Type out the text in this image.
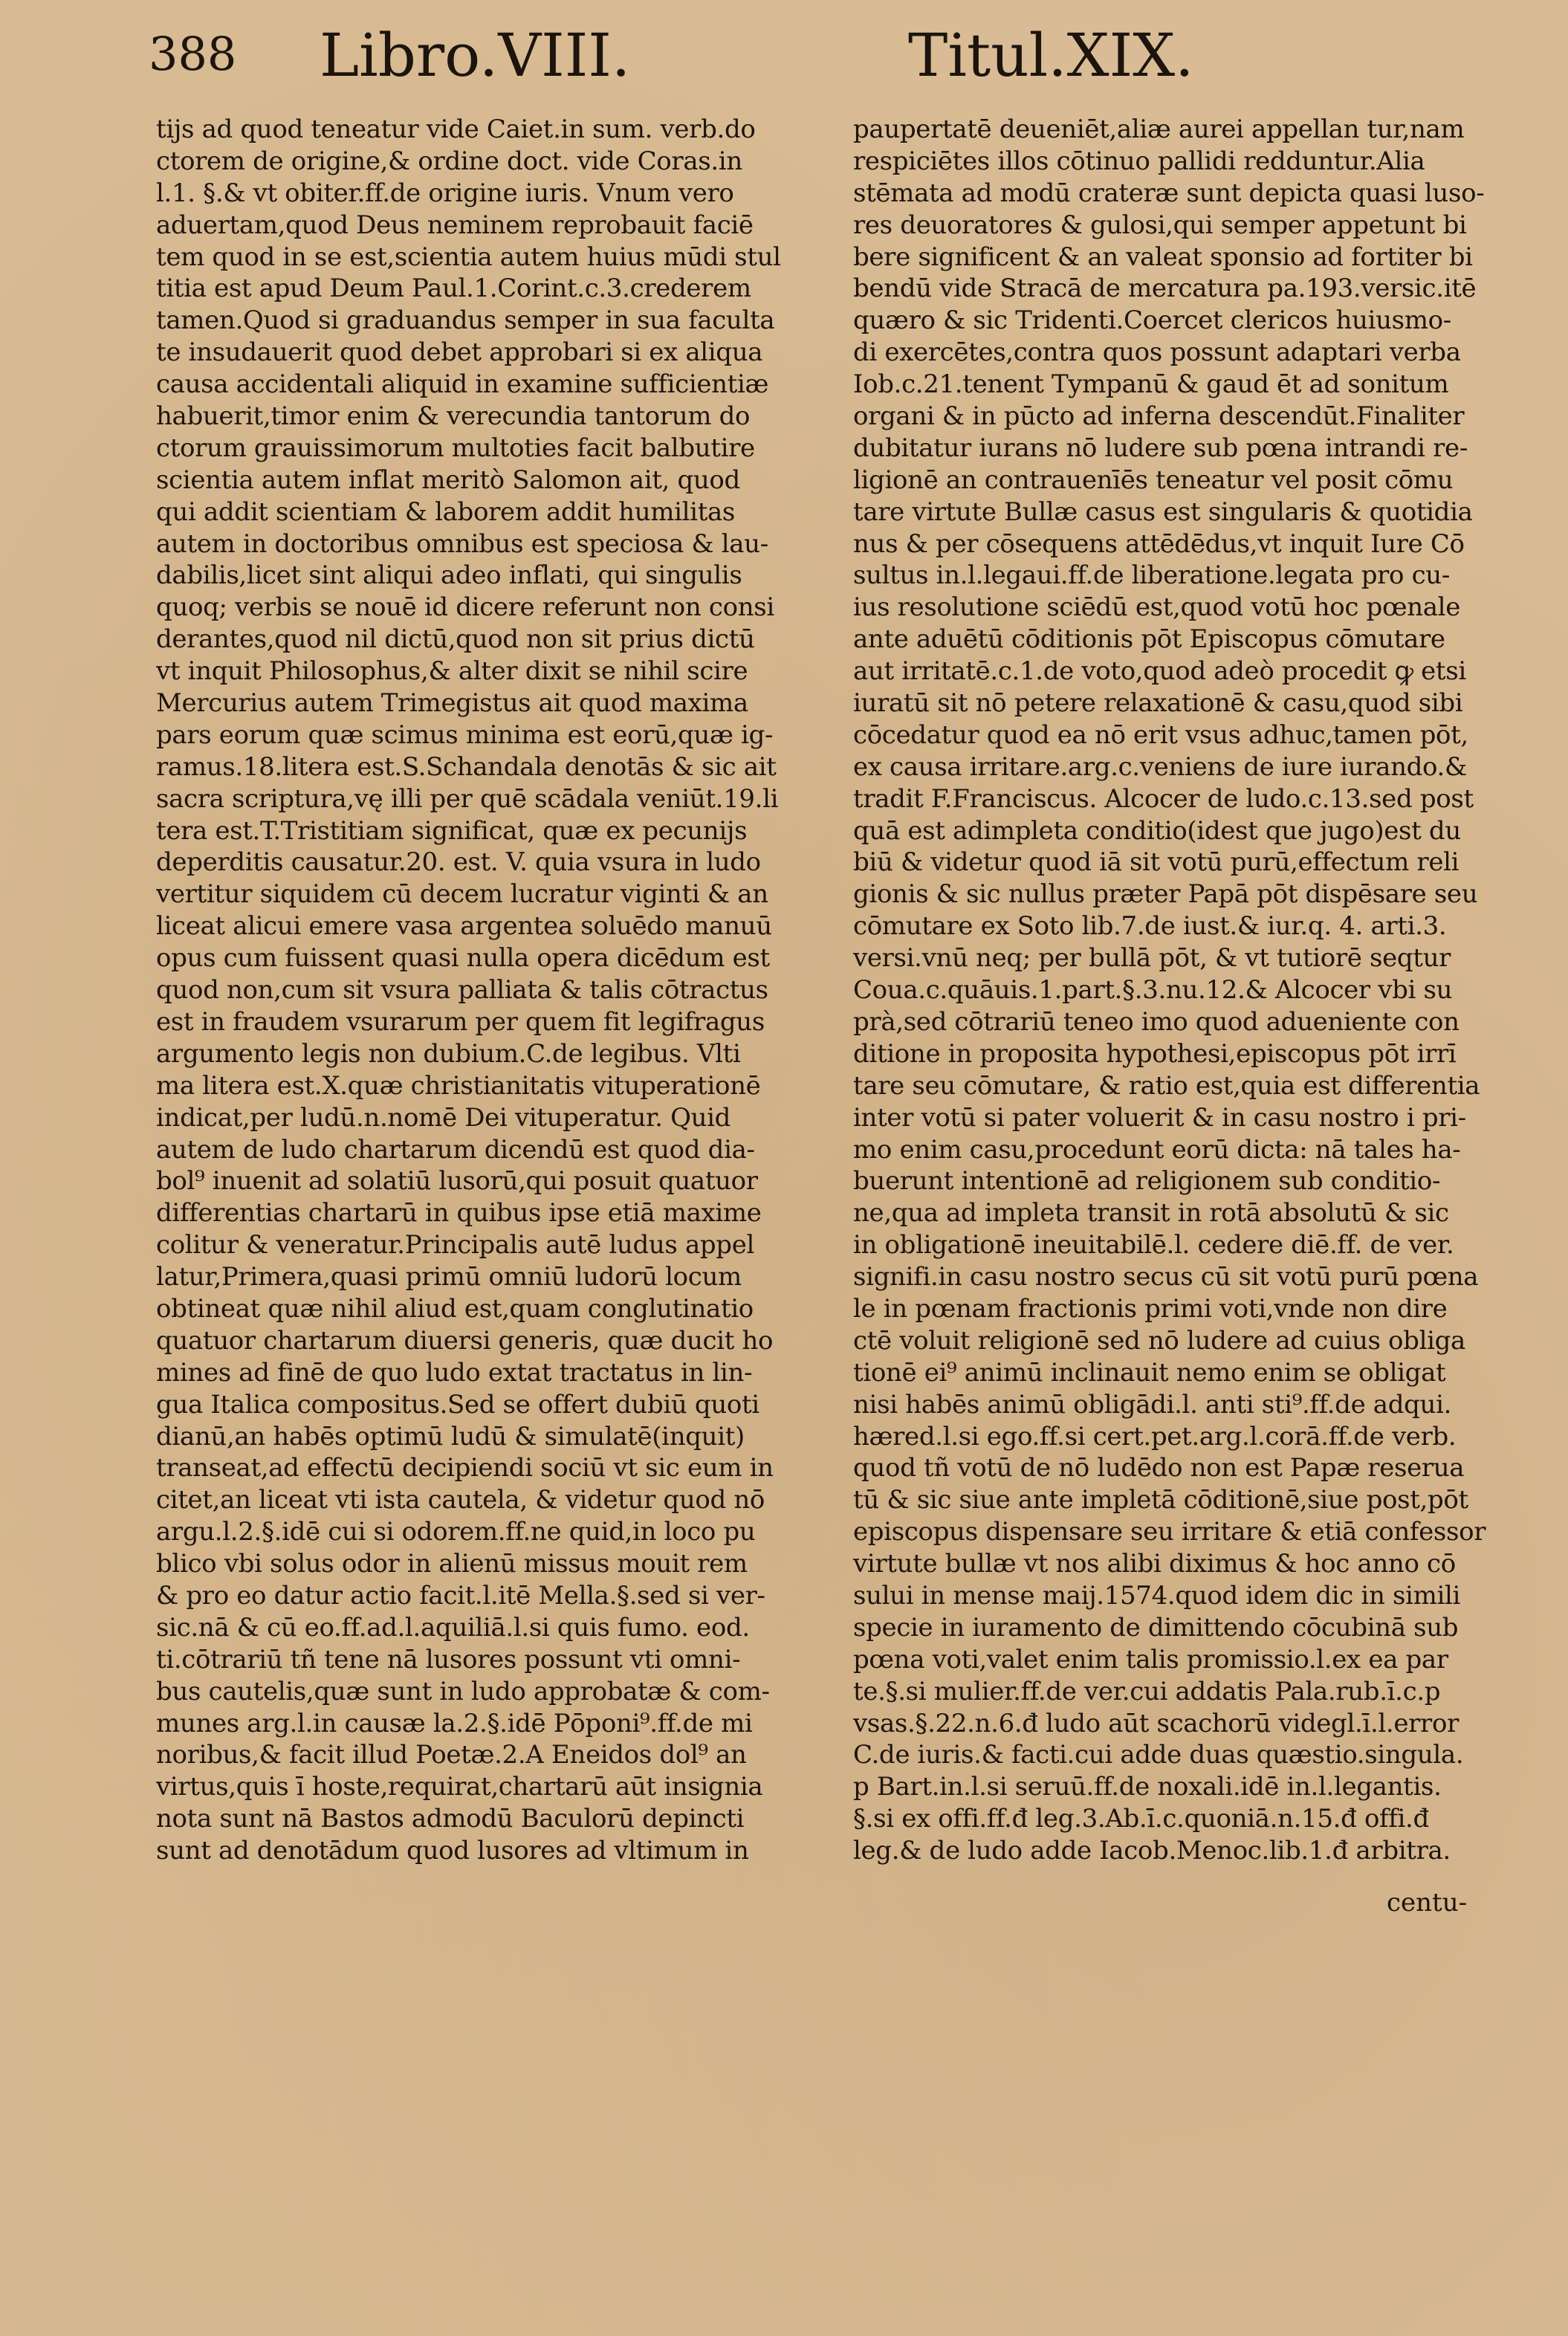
388 Libro.VIII.	Titul.XIX.
tijs ad quod teneatur vide Caiet.in sum. verb.do
ctorem de origine,& ordine doct. vide Coras.in
l.1. §.& vt obiter.ff.de origine iuris. Vnum vero
aduertam,quod Deus neminem reprobauit faciē
tem quod in se est,scientia autem huius mūdi stul
titia est apud Deum Paul.1.Corint.c.3.crederem
tamen.Quod si graduandus semper in sua faculta
te insudauerit quod debet approbari si ex aliqua
causa accidentali aliquid in examine sufficientiæ
habuerit,timor enim & verecundia tantorum do
ctorum grauissimorum multoties facit balbutire
scientia autem inflat meritò Salomon ait, quod
qui addit scientiam & laborem addit humilitas
autem in doctoribus omnibus est speciosa & lau-
dabilis,licet sint aliqui adeo inflati, qui singulis
quoq; verbis se nouē id dicere referunt non consi
derantes,quod nil dictū,quod non sit prius dictū
vt inquit Philosophus,& alter dixit se nihil scire
Mercurius autem Trimegistus ait quod maxima
pars eorum quæ scimus minima est eorū,quæ ig-
ramus.18.litera est.S.Schandala denotās & sic ait
sacra scriptura,vę illi per quē scādala veniūt.19.li
tera est.T.Tristitiam significat, quæ ex pecunijs
deperditis causatur.20. est. V. quia vsura in ludo
vertitur siquidem cū decem lucratur viginti & an
liceat alicui emere vasa argentea soluēdo manuū
opus cum fuissent quasi nulla opera dicēdum est
quod non,cum sit vsura palliata & talis cōtractus
est in fraudem vsurarum per quem fit legifragus
argumento legis non dubium.C.de legibus. Vlti
ma litera est.X.quæ christianitatis vituperationē
indicat,per ludū.n.nomē Dei vituperatur. Quid
autem de ludo chartarum dicendū est quod dia-
bol⁹ inuenit ad solatiū lusorū,qui posuit quatuor
differentias chartarū in quibus ipse etiā maxime
colitur & veneratur.Principalis autē ludus appel
latur,Primera,quasi primū omniū ludorū locum
obtineat quæ nihil aliud est,quam conglutinatio
quatuor chartarum diuersi generis, quæ ducit ho
mines ad finē de quo ludo extat tractatus in lin-
gua Italica compositus.Sed se offert dubiū quoti
dianū,an habēs optimū ludū & simulatē(inquit)
transeat,ad effectū decipiendi sociū vt sic eum in
citet,an liceat vti ista cautela, & videtur quod nō
argu.l.2.§.idē cui si odorem.ff.ne quid,in loco pu
blico vbi solus odor in alienū missus mouit rem
& pro eo datur actio facit.l.itē Mella.§.sed si ver-
sic.nā & cū eo.ff.ad.l.aquiliā.l.si quis fumo. eod.
ti.cōtrariū tñ tene nā lusores possunt vti omni-
bus cautelis,quæ sunt in ludo approbatæ & com-
munes arg.l.in causæ la.2.§.idē Pōponi⁹.ff.de mi
noribus,& facit illud Poetæ.2.A Eneidos dol⁹ an
virtus,quis ī hoste,requirat,chartarū aūt insignia
nota sunt nā Bastos admodū Baculorū depincti
sunt ad denotādum quod lusores ad vltimum in
paupertatē deueniēt,aliæ aurei appellan tur,nam
respiciētes illos cōtinuo pallidi redduntur.Alia
stēmata ad modū crateræ sunt depicta quasi luso-
res deuoratores & gulosi,qui semper appetunt bi
bere significent & an valeat sponsio ad fortiter bi
bendū vide Stracā de mercatura pa.193.versic.itē
quæro & sic Tridenti.Coercet clericos huiusmo-
di exercētes,contra quos possunt adaptari verba
Iob.c.21.tenent Tympanū & gaud ēt ad sonitum
organi & in pūcto ad inferna descendūt.Finaliter
dubitatur iurans nō ludere sub pœna intrandi re-
ligionē an contrauenīēs teneatur vel posit cōmu
tare virtute Bullæ casus est singularis & quotidia
nus & per cōsequens attēdēdus,vt inquit Iure Cō
sultus in.l.legaui.ff.de liberatione.legata pro cu-
ius resolutione sciēdū est,quod votū hoc pœnale
ante aduētū cōditionis pōt Episcopus cōmutare
aut irritatē.c.1.de voto,quod adeò procedit ꝙ etsi
iuratū sit nō petere relaxationē & casu,quod sibi
cōcedatur quod ea nō erit vsus adhuc,tamen pōt,
ex causa irritare.arg.c.veniens de iure iurando.&
tradit F.Franciscus. Alcocer de ludo.c.13.sed post
quā est adimpleta conditio(idest que jugo)est du
biū & videtur quod iā sit votū purū,effectum reli
gionis & sic nullus præter Papā pōt dispēsare seu
cōmutare ex Soto lib.7.de iust.& iur.q. 4. arti.3.
versi.vnū neq; per bullā pōt, & vt tutiorē seqtur
Coua.c.quāuis.1.part.§.3.nu.12.& Alcocer vbi su
prà,sed cōtrariū teneo imo quod adueniente con
ditione in proposita hypothesi,episcopus pōt irrī
tare seu cōmutare, & ratio est,quia est differentia
inter votū si pater voluerit & in casu nostro i pri-
mo enim casu,procedunt eorū dicta: nā tales ha-
buerunt intentionē ad religionem sub conditio-
ne,qua ad impleta transit in rotā absolutū & sic
in obligationē ineuitabilē.l. cedere diē.ff. de ver.
signifi.in casu nostro secus cū sit votū purū pœna
le in pœnam fractionis primi voti,vnde non dire
ctē voluit religionē sed nō ludere ad cuius obliga
tionē ei⁹ animū inclinauit nemo enim se obligat
nisi habēs animū obligādi.l. anti sti⁹.ff.de adqui.
hæred.l.si ego.ff.si cert.pet.arg.l.corā.ff.de verb.
quod tñ votū de nō ludēdo non est Papæ reserua
tū & sic siue ante impletā cōditionē,siue post,pōt
episcopus dispensare seu irritare & etiā confessor
virtute bullæ vt nos alibi diximus & hoc anno cō
sului in mense maij.1574.quod idem dic in simili
specie in iuramento de dimittendo cōcubinā sub
pœna voti,valet enim talis promissio.l.ex ea par
te.§.si mulier.ff.de ver.cui addatis Pala.rub.ī.c.p
vsas.§.22.n.6.đ ludo aūt scachorū videgl.ī.l.error
C.de iuris.& facti.cui adde duas quæstio.singula.
p Bart.in.l.si seruū.ff.de noxali.idē in.l.legantis.
§.si ex offi.ff.đ leg.3.Ab.ī.c.quoniā.n.15.đ offi.đ
leg.& de ludo adde Iacob.Menoc.lib.1.đ arbitra.
centu-
